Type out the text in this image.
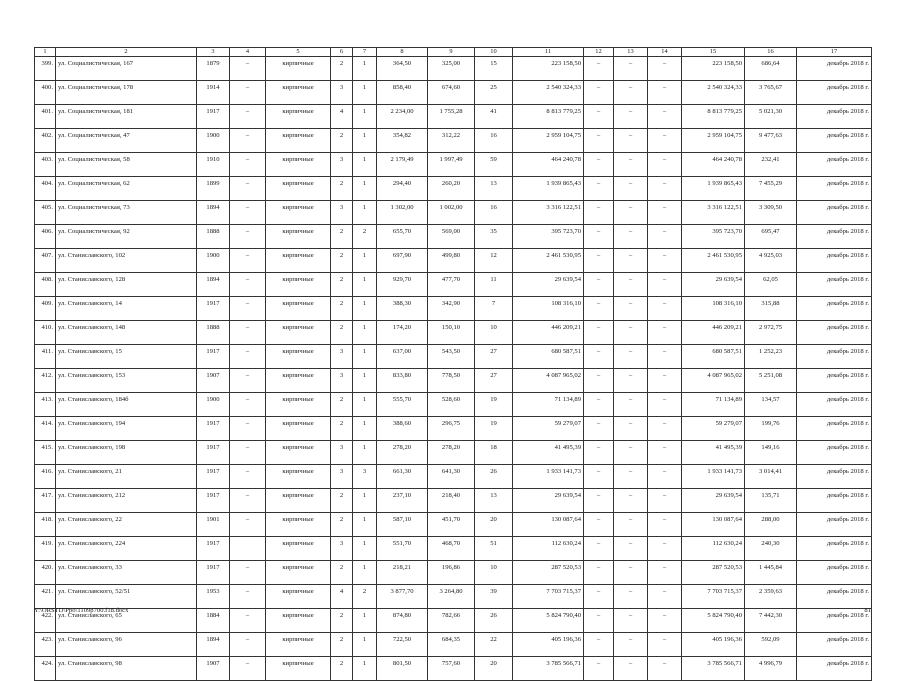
1	2	3	4	5	6	7	8	9	10	11	12	13	14	15	16	17
399.	ул. Социалистическая, 167	1879	–	кирпичные	2	1	364,50	325,00	15	223 158,50	–	–	–	223 158,50	686,64	декабрь 2018 г.
400.	ул. Социалистическая, 178	1914	–	кирпичные	3	1	858,40	674,60	25	2 540 324,33	–	–	–	2 540 324,33	3 765,67	декабрь 2018 г.
401.	ул. Социалистическая, 181	1917	–	кирпичные	4	1	2 234,00	1 755,28	41	8 813 779,25	–	–	–	8 813 779,25	5 021,30	декабрь 2018 г.
402.	ул. Социалистическая, 47	1900	–	кирпичные	2	1	354,82	312,22	16	2 959 104,75	–	–	–	2 959 104,75	9 477,63	декабрь 2018 г.
403.	ул. Социалистическая, 58	1910	–	кирпичные	3	1	2 179,49	1 997,49	59	464 240,78	–	–	–	464 240,78	232,41	декабрь 2018 г.
404.	ул. Социалистическая, 62	1899	–	кирпичные	2	1	294,40	260,20	13	1 939 865,43	–	–	–	1 939 865,43	7 455,29	декабрь 2018 г.
405.	ул. Социалистическая, 73	1894	–	кирпичные	3	1	1 302,00	1 002,00	16	3 316 122,51	–	–	–	3 316 122,51	3 309,50	декабрь 2018 г.
406.	ул. Социалистическая, 92	1888	–	кирпичные	2	2	655,70	569,00	35	395 723,70	–	–	–	395 723,70	695,47	декабрь 2018 г.
407.	ул. Станиславского, 102	1900	–	кирпичные	2	1	697,90	499,80	12	2 461 530,95	–	–	–	2 461 530,95	4 925,03	декабрь 2018 г.
408.	ул. Станиславского, 128	1894	–	кирпичные	2	1	929,70	477,70	11	29 639,54	–	–	–	29 639,54	62,05	декабрь 2018 г.
409.	ул. Станиславского, 14	1917	–	кирпичные	2	1	388,30	342,90	7	108 316,10	–	–	–	108 316,10	315,88	декабрь 2018 г.
410.	ул. Станиславского, 148	1888	–	кирпичные	2	1	174,20	150,10	10	446 209,21	–	–	–	446 209,21	2 972,75	декабрь 2018 г.
411.	ул. Станиславского, 15	1917	–	кирпичные	3	1	637,00	543,50	27	680 587,51	–	–	–	680 587,51	1 252,23	декабрь 2018 г.
412.	ул. Станиславского, 153	1907	–	кирпичные	3	1	833,80	778,50	27	4 087 965,02	–	–	–	4 087 965,02	5 251,08	декабрь 2018 г.
413.	ул. Станиславского, 184б	1900	–	кирпичные	2	1	555,70	528,60	19	71 134,89	–	–	–	71 134,89	134,57	декабрь 2018 г.
414.	ул. Станиславского, 194	1917	–	кирпичные	2	1	388,60	296,75	19	59 279,07	–	–	–	59 279,07	199,76	декабрь 2018 г.
415.	ул. Станиславского, 198	1917	–	кирпичные	3	1	278,20	278,20	18	41 495,39	–	–	–	41 495,39	149,16	декабрь 2018 г.
416.	ул. Станиславского, 21	1917	–	кирпичные	3	3	661,30	641,30	26	1 933 141,73	–	–	–	1 933 141,73	3 014,41	декабрь 2018 г.
417.	ул. Станиславского, 212	1917	–	кирпичные	2	1	237,10	218,40	13	29 639,54	–	–	–	29 639,54	135,71	декабрь 2018 г.
418.	ул. Станиславского, 22	1901	–	кирпичные	2	1	587,10	451,70	20	130 087,64	–	–	–	130 087,64	288,00	декабрь 2018 г.
419.	ул. Станиславского, 224	1917		кирпичные	3	1	551,70	468,70	51	112 630,24	–	–	–	112 630,24	240,30	декабрь 2018 г.
420.	ул. Станиславского, 33	1917	–	кирпичные	2	1	218,21	196,86	10	287 520,53	–	–	–	287 520,53	1 445,84	декабрь 2018 г.
421.	ул. Станиславского, 52/51	1953	–	кирпичные	4	2	3 877,70	3 264,80	39	7 703 715,37	–	–	–	7 703 715,37	2 359,63	декабрь 2018 г.
422.	ул. Станиславского, 65	1884	–	кирпичные	2	1	874,80	782,66	26	5 824 790,40	–	–	–	5 824 790,40	7 442,30	декабрь 2018 г.
423.	ул. Станиславского, 96	1894	–	кирпичные	2	1	722,50	684,35	22	405 196,36	–	–	–	405 196,36	592,09	декабрь 2018 г.
424.	ул. Станиславского, 98	1907	–	кирпичные	2	1	801,50	757,60	20	3 785 566,71	–	–	–	3 785 566,71	4 996,79	декабрь 2018 г.
Y:\ORSTD\Ppo\1109p700.f18.docx	81
